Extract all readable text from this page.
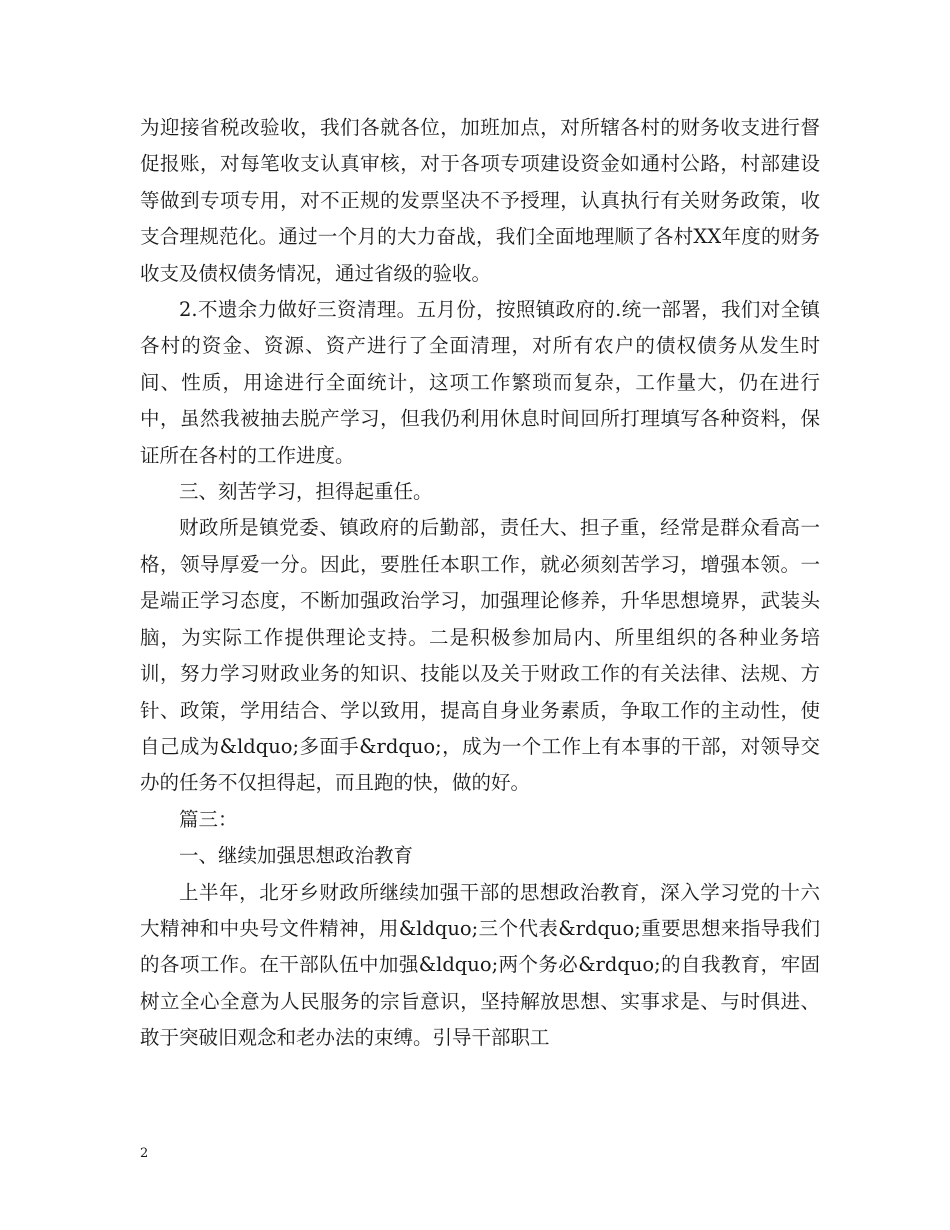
为迎接省税改验收，我们各就各位，加班加点，对所辖各村的财务收支进行督促报账，对每笔收支认真审核，对于各项专项建设资金如通村公路，村部建设等做到专项专用，对不正规的发票坚决不予授理，认真执行有关财务政策，收支合理规范化。通过一个月的大力奋战，我们全面地理顺了各村XX年度的财务收支及债权债务情况，通过省级的验收。

2.不遗余力做好三资清理。五月份，按照镇政府的.统一部署，我们对全镇各村的资金、资源、资产进行了全面清理，对所有农户的债权债务从发生时间、性质，用途进行全面统计，这项工作繁琐而复杂，工作量大，仍在进行中，虽然我被抽去脱产学习，但我仍利用休息时间回所打理填写各种资料，保证所在各村的工作进度。

三、刻苦学习，担得起重任。

财政所是镇党委、镇政府的后勤部，责任大、担子重，经常是群众看高一格，领导厚爱一分。因此，要胜任本职工作，就必须刻苦学习，增强本领。一是端正学习态度，不断加强政治学习，加强理论修养，升华思想境界，武装头脑，为实际工作提供理论支持。二是积极参加局内、所里组织的各种业务培训，努力学习财政业务的知识、技能以及关于财政工作的有关法律、法规、方针、政策，学用结合、学以致用，提高自身业务素质，争取工作的主动性，使自己成为&ldquo;多面手&rdquo;，成为一个工作上有本事的干部，对领导交办的任务不仅担得起，而且跑的快，做的好。

篇三：

一、继续加强思想政治教育

上半年，北牙乡财政所继续加强干部的思想政治教育，深入学习党的十六大精神和中央号文件精神，用&ldquo;三个代表&rdquo;重要思想来指导我们的各项工作。在干部队伍中加强&ldquo;两个务必&rdquo;的自我教育，牢固树立全心全意为人民服务的宗旨意识，坚持解放思想、实事求是、与时俱进、敢于突破旧观念和老办法的束缚。引导干部职工

2
